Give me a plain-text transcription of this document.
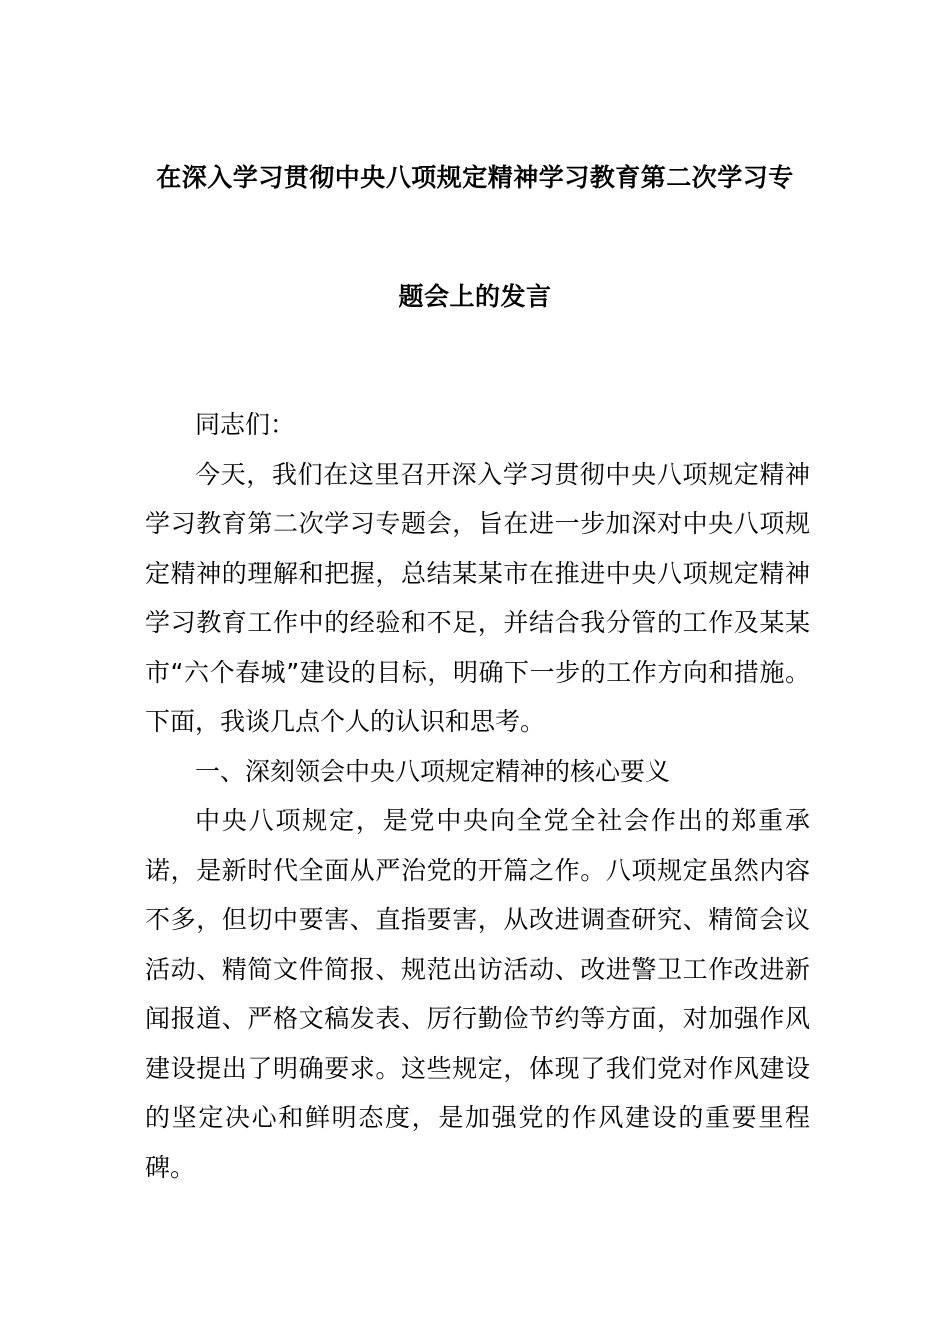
在深入学习贯彻中央八项规定精神学习教育第二次学习专
题会上的发言

同志们：

今天，我们在这里召开深入学习贯彻中央八项规定精神学习教育第二次学习专题会，旨在进一步加深对中央八项规定精神的理解和把握，总结某某市在推进中央八项规定精神学习教育工作中的经验和不足，并结合我分管的工作及某某市“六个春城”建设的目标，明确下一步的工作方向和措施。下面，我谈几点个人的认识和思考。

一、深刻领会中央八项规定精神的核心要义

中央八项规定，是党中央向全党全社会作出的郑重承诺，是新时代全面从严治党的开篇之作。八项规定虽然内容不多，但切中要害、直指要害，从改进调查研究、精简会议活动、精简文件简报、规范出访活动、改进警卫工作改进新闻报道、严格文稿发表、厉行勤俭节约等方面，对加强作风建设提出了明确要求。这些规定，体现了我们党对作风建设的坚定决心和鲜明态度，是加强党的作风建设的重要里程碑。
